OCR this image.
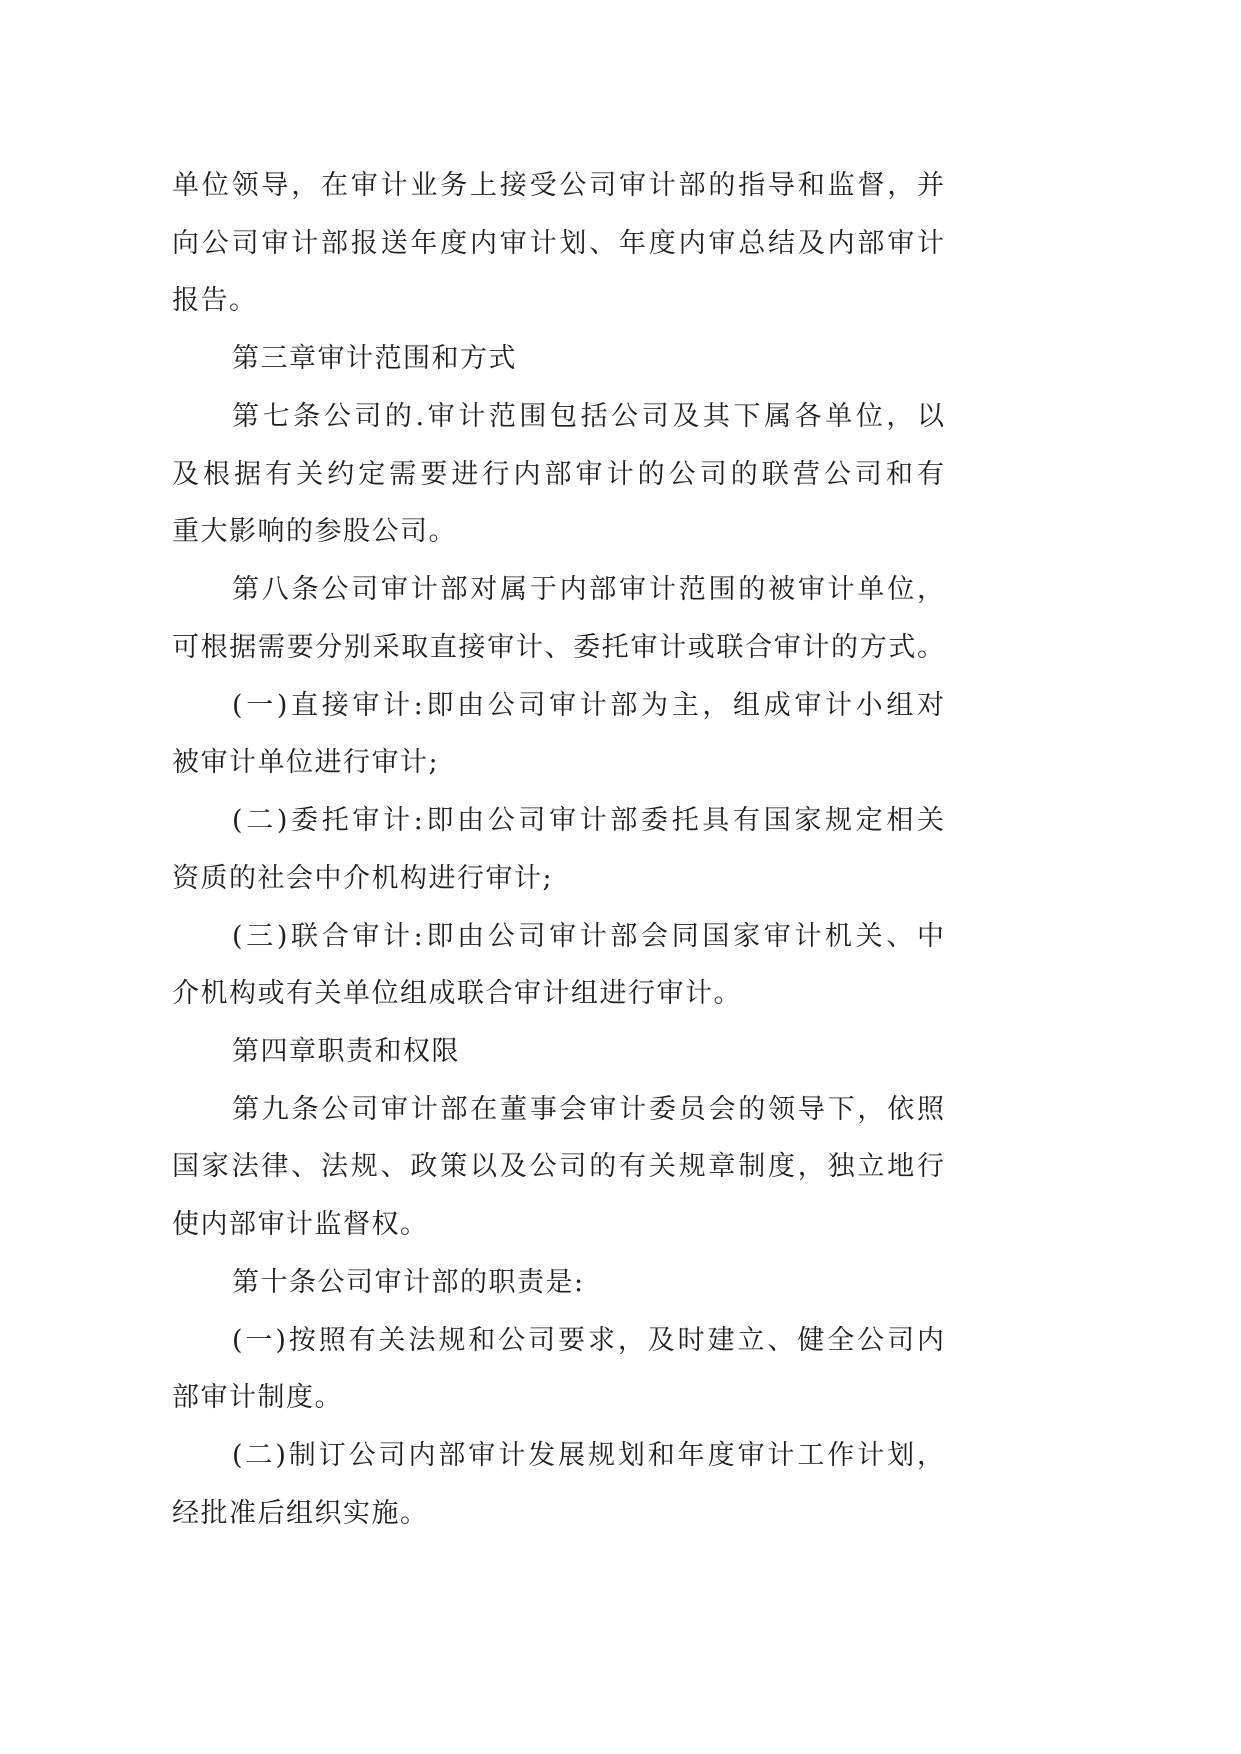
单位领导，在审计业务上接受公司审计部的指导和监督，并
向公司审计部报送年度内审计划、年度内审总结及内部审计
报告。
第三章审计范围和方式
第七条公司的.审计范围包括公司及其下属各单位，以
及根据有关约定需要进行内部审计的公司的联营公司和有
重大影响的参股公司。
第八条公司审计部对属于内部审计范围的被审计单位，
可根据需要分别采取直接审计、委托审计或联合审计的方式。
(一)直接审计:即由公司审计部为主，组成审计小组对
被审计单位进行审计;
(二)委托审计:即由公司审计部委托具有国家规定相关
资质的社会中介机构进行审计;
(三)联合审计:即由公司审计部会同国家审计机关、中
介机构或有关单位组成联合审计组进行审计。
第四章职责和权限
第九条公司审计部在董事会审计委员会的领导下，依照
国家法律、法规、政策以及公司的有关规章制度，独立地行
使内部审计监督权。
第十条公司审计部的职责是:
(一)按照有关法规和公司要求，及时建立、健全公司内
部审计制度。
(二)制订公司内部审计发展规划和年度审计工作计划，
经批准后组织实施。
